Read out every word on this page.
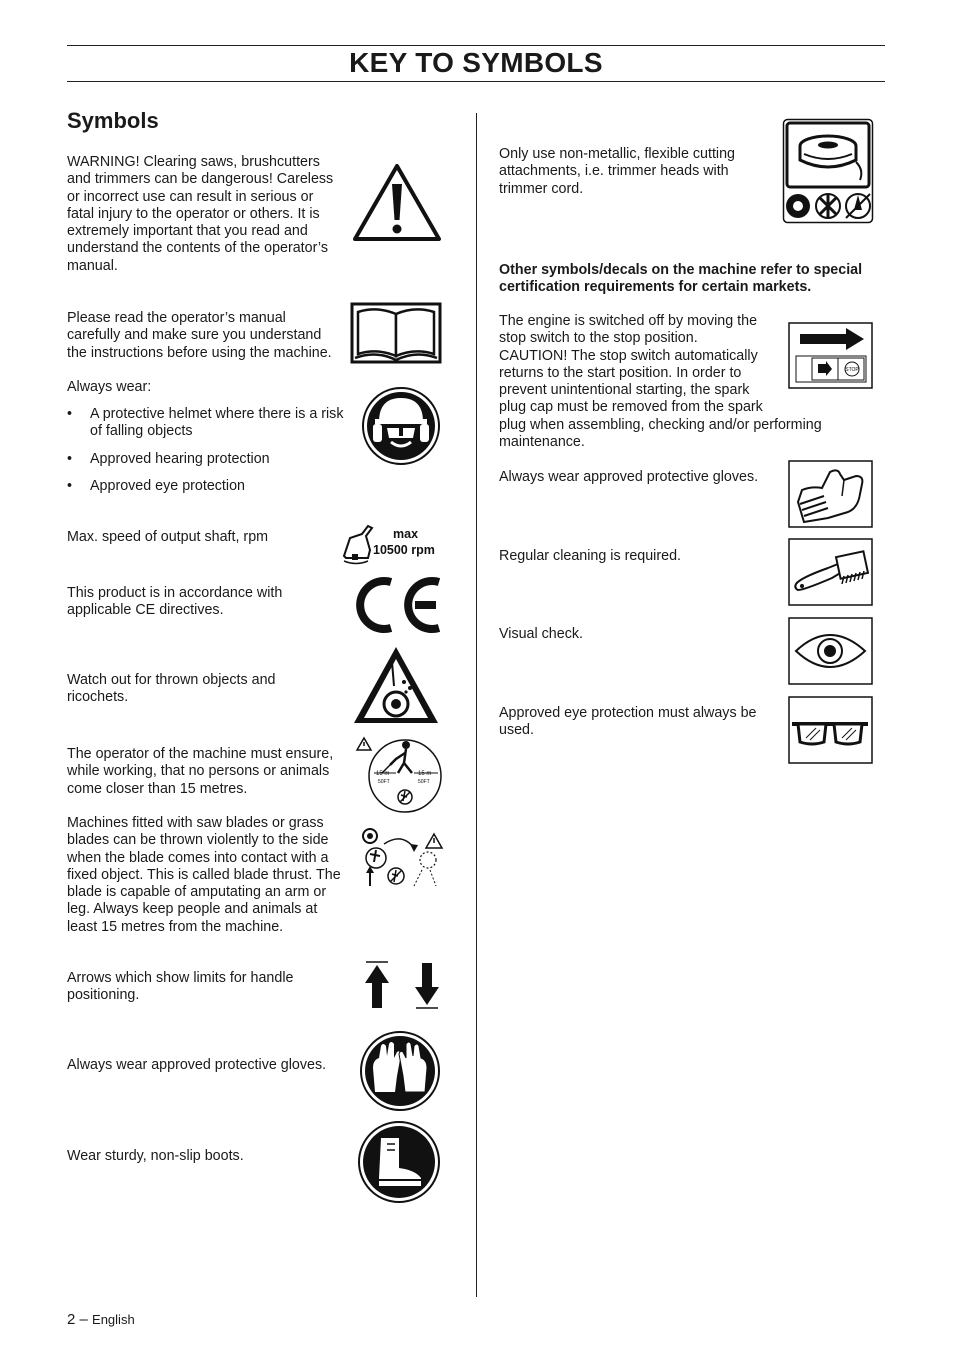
KEY TO SYMBOLS
Symbols

WARNING! Clearing saws, brushcutters and trimmers can be dangerous! Careless or incorrect use can result in serious or fatal injury to the operator or others. It is extremely important that you read and understand the contents of the operator’s manual.

Please read the operator’s manual carefully and make sure you understand the instructions before using the machine.

Always wear:

• A protective helmet where there is a risk of falling objects
• Approved hearing protection
• Approved eye protection

Max. speed of output shaft, rpm	max
10500 rpm

This product is in accordance with applicable CE directives.

Watch out for thrown objects and ricochets.

The operator of the machine must ensure, while working, that no persons or animals come closer than 15 metres.

15 m
50FT
15 m
50FT

Machines fitted with saw blades or grass blades can be thrown violently to the side when the blade comes into contact with a fixed object. This is called blade thrust. The blade is capable of amputating an arm or leg. Always keep people and animals at least 15 metres from the machine.

Arrows which show limits for handle positioning.

Always wear approved protective gloves.

Wear sturdy, non-slip boots.

Only use non-metallic, flexible cutting attachments, i.e. trimmer heads with trimmer cord.

Other symbols/decals on the machine refer to special certification requirements for certain markets.

The engine is switched off by moving the stop switch to the stop position. CAUTION! The stop switch automatically returns to the start position. In order to prevent unintentional starting, the spark plug cap must be removed from the spark plug when assembling, checking and/or performing maintenance.
STOP

Always wear approved protective gloves.

Regular cleaning is required.

Visual check.

Approved eye protection must always be used.

2 – English
